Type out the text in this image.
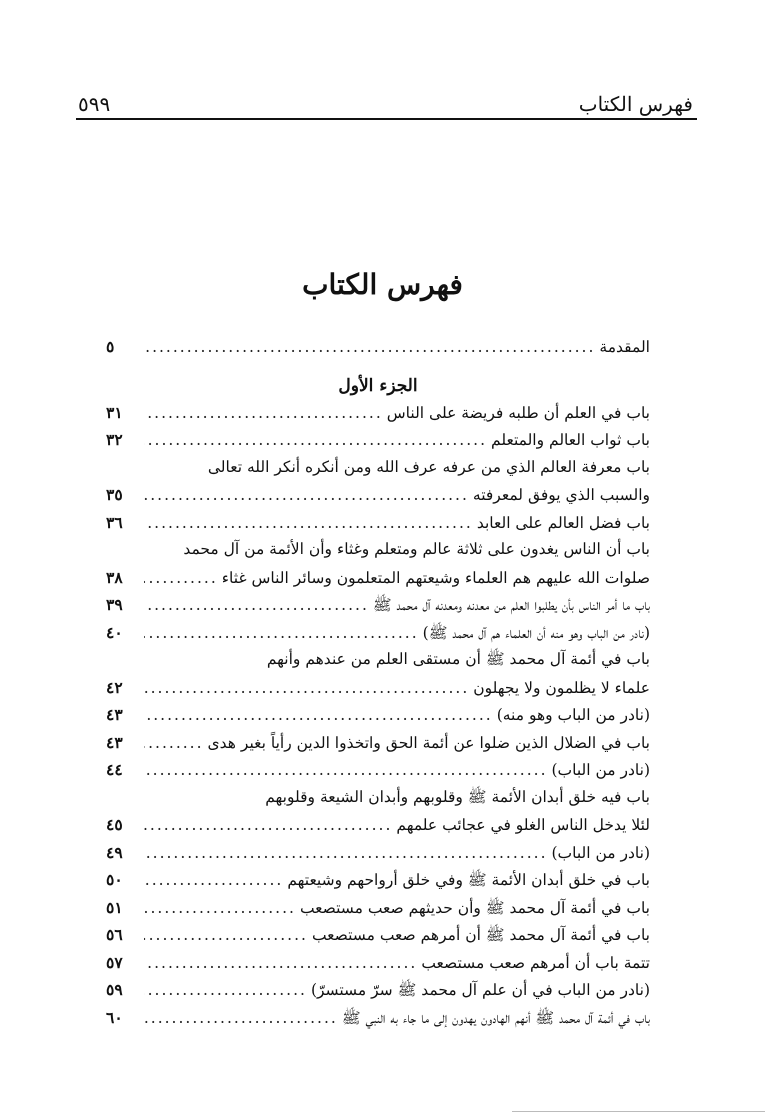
٥٩٩	فهرس الكتاب
فهرس الكتاب
المقدمة
.....
٥
الجزء الأول
باب في العلم أن طلبه فريضة على الناس
.....
٣١
باب ثواب العالم والمتعلم
.....
٣٢
باب معرفة العالم الذي من عرفه عرف الله ومن أنكره أنكر الله تعالى
والسبب الذي يوفق لمعرفته
.....
٣٥
باب فضل العالم على العابد
.....
٣٦
باب أن الناس يغدون على ثلاثة عالم ومتعلم وغثاء وأن الأئمة من آل محمد
صلوات الله عليهم هم العلماء وشيعتهم المتعلمون وسائر الناس غثاء
.....
٣٨
باب ما أمر الناس بأن يطلبوا العلم من معدنه ومعدنه آل محمد ﷺ
.....
٣٩
(نادر من الباب وهو منه أن العلماء هم آل محمد ﷺ)
.....
٤٠
باب في أئمة آل محمد ﷺ أن مستقى العلم من عندهم وأنهم
علماء لا يظلمون ولا يجهلون
.....
٤٢
(نادر من الباب وهو منه)
.....
٤٣
باب في الضلال الذين ضلوا عن أئمة الحق واتخذوا الدين رأياً بغير هدى
.....
٤٣
(نادر من الباب)
.....
٤٤
باب فيه خلق أبدان الأئمة ﷺ وقلوبهم وأبدان الشيعة وقلوبهم
لئلا يدخل الناس الغلو في عجائب علمهم
.....
٤٥
(نادر من الباب)
.....
٤٩
باب في خلق أبدان الأئمة ﷺ وفي خلق أرواحهم وشيعتهم
.....
٥٠
باب في أئمة آل محمد ﷺ وأن حديثهم صعب مستصعب
.....
٥١
باب في أئمة آل محمد ﷺ أن أمرهم صعب مستصعب
.....
٥٦
تتمة باب أن أمرهم صعب مستصعب
.....
٥٧
(نادر من الباب في أن علم آل محمد ﷺ سرّ مستسرّ)
.....
٥٩
باب في أئمة آل محمد ﷺ أنهم الهادون يهدون إلى ما جاء به النبي ﷺ
.....
٦٠
